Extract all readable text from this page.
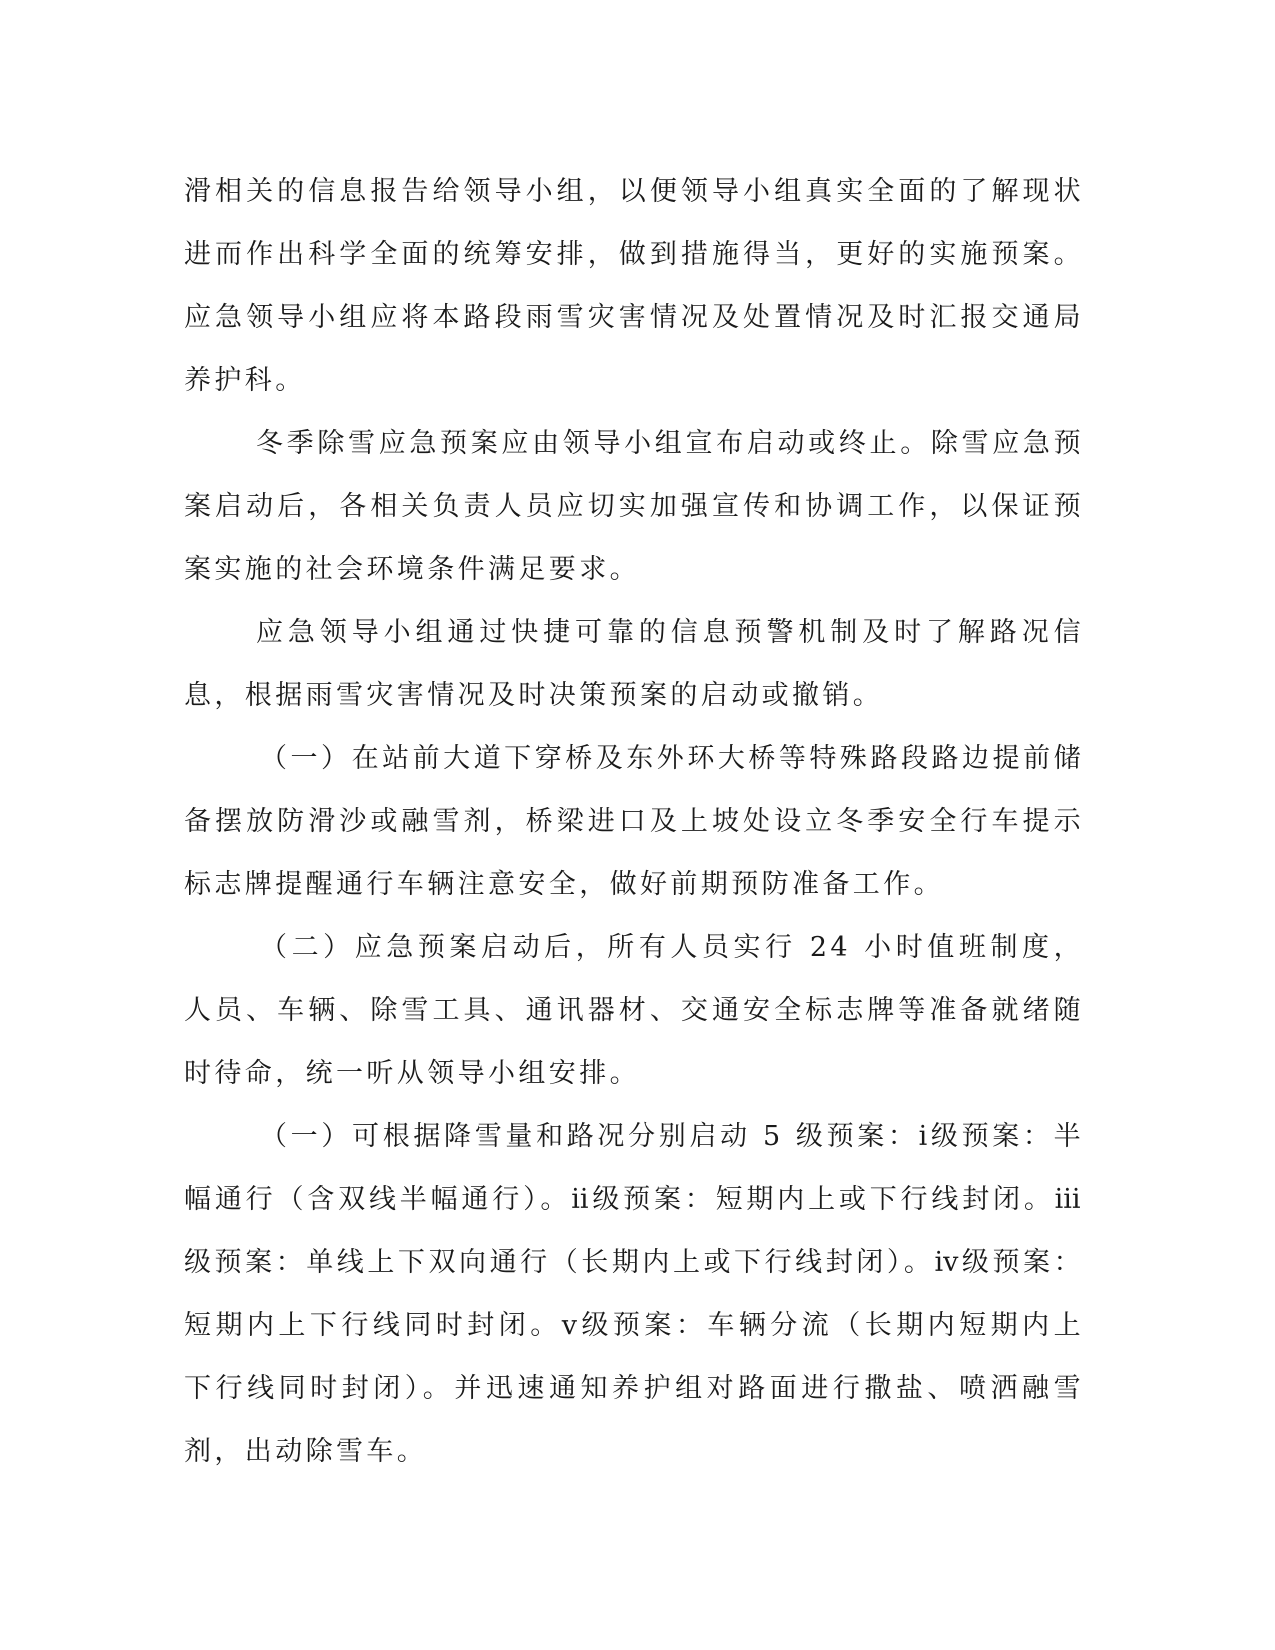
滑相关的信息报告给领导小组，以便领导小组真实全面的了解现状进而作出科学全面的统筹安排，做到措施得当，更好的实施预案。应急领导小组应将本路段雨雪灾害情况及处置情况及时汇报交通局养护科。

冬季除雪应急预案应由领导小组宣布启动或终止。除雪应急预案启动后，各相关负责人员应切实加强宣传和协调工作，以保证预案实施的社会环境条件满足要求。

应急领导小组通过快捷可靠的信息预警机制及时了解路况信息，根据雨雪灾害情况及时决策预案的启动或撤销。

（一）在站前大道下穿桥及东外环大桥等特殊路段路边提前储备摆放防滑沙或融雪剂，桥梁进口及上坡处设立冬季安全行车提示标志牌提醒通行车辆注意安全，做好前期预防准备工作。

（二）应急预案启动后，所有人员实行 24 小时值班制度，人员、车辆、除雪工具、通讯器材、交通安全标志牌等准备就绪随时待命，统一听从领导小组安排。

（一）可根据降雪量和路况分别启动 5 级预案：ⅰ级预案：半幅通行（含双线半幅通行）。ⅱ级预案：短期内上或下行线封闭。ⅲ级预案：单线上下双向通行（长期内上或下行线封闭）。ⅳ级预案：短期内上下行线同时封闭。ⅴ级预案：车辆分流（长期内短期内上下行线同时封闭）。并迅速通知养护组对路面进行撒盐、喷洒融雪剂，出动除雪车。
